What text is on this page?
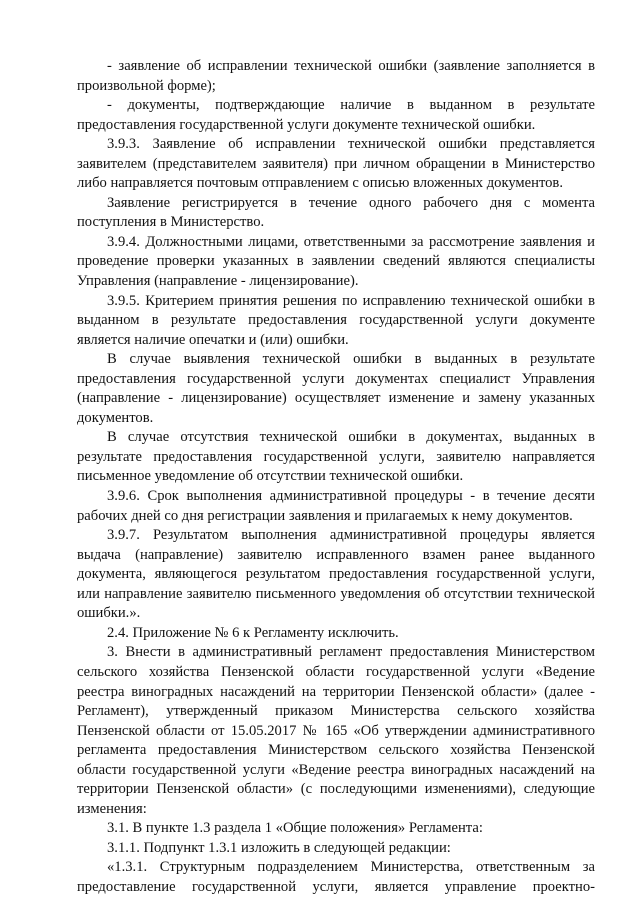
- заявление об исправлении технической ошибки (заявление заполняется в произвольной форме);

- документы, подтверждающие наличие в выданном в результате предоставления государственной услуги документе технической ошибки.

3.9.3. Заявление об исправлении технической ошибки представляется заявителем (представителем заявителя) при личном обращении в Министерство либо направляется почтовым отправлением с описью вложенных документов.

Заявление регистрируется в течение одного рабочего дня с момента поступления в Министерство.

3.9.4. Должностными лицами, ответственными за рассмотрение заявления и проведение проверки указанных в заявлении сведений являются специалисты Управления (направление - лицензирование).

3.9.5. Критерием принятия решения по исправлению технической ошибки в выданном в результате предоставления государственной услуги документе является наличие опечатки и (или) ошибки.

В случае выявления технической ошибки в выданных в результате предоставления государственной услуги документах специалист Управления (направление - лицензирование) осуществляет изменение и замену указанных документов.

В случае отсутствия технической ошибки в документах, выданных в результате предоставления государственной услуги, заявителю направляется письменное уведомление об отсутствии технической ошибки.

3.9.6. Срок выполнения административной процедуры - в течение десяти рабочих дней со дня регистрации заявления и прилагаемых к нему документов.

3.9.7. Результатом выполнения административной процедуры является выдача (направление) заявителю исправленного взамен ранее выданного документа, являющегося результатом предоставления государственной услуги, или направление заявителю письменного уведомления об отсутствии технической ошибки.».

2.4. Приложение № 6 к Регламенту исключить.

3. Внести в административный регламент предоставления Министерством сельского хозяйства Пензенской области государственной услуги «Ведение реестра виноградных насаждений на территории Пензенской области» (далее - Регламент), утвержденный приказом Министерства сельского хозяйства Пензенской области от 15.05.2017 № 165 «Об утверждении административного регламента предоставления Министерством сельского хозяйства Пензенской области государственной услуги «Ведение реестра виноградных насаждений на территории Пензенской области» (с последующими изменениями), следующие изменения:

3.1. В пункте 1.3 раздела 1 «Общие положения» Регламента:

3.1.1. Подпункт 1.3.1 изложить в следующей редакции:

«1.3.1. Структурным подразделением Министерства, ответственным за предоставление государственной услуги, является управление проектно-
